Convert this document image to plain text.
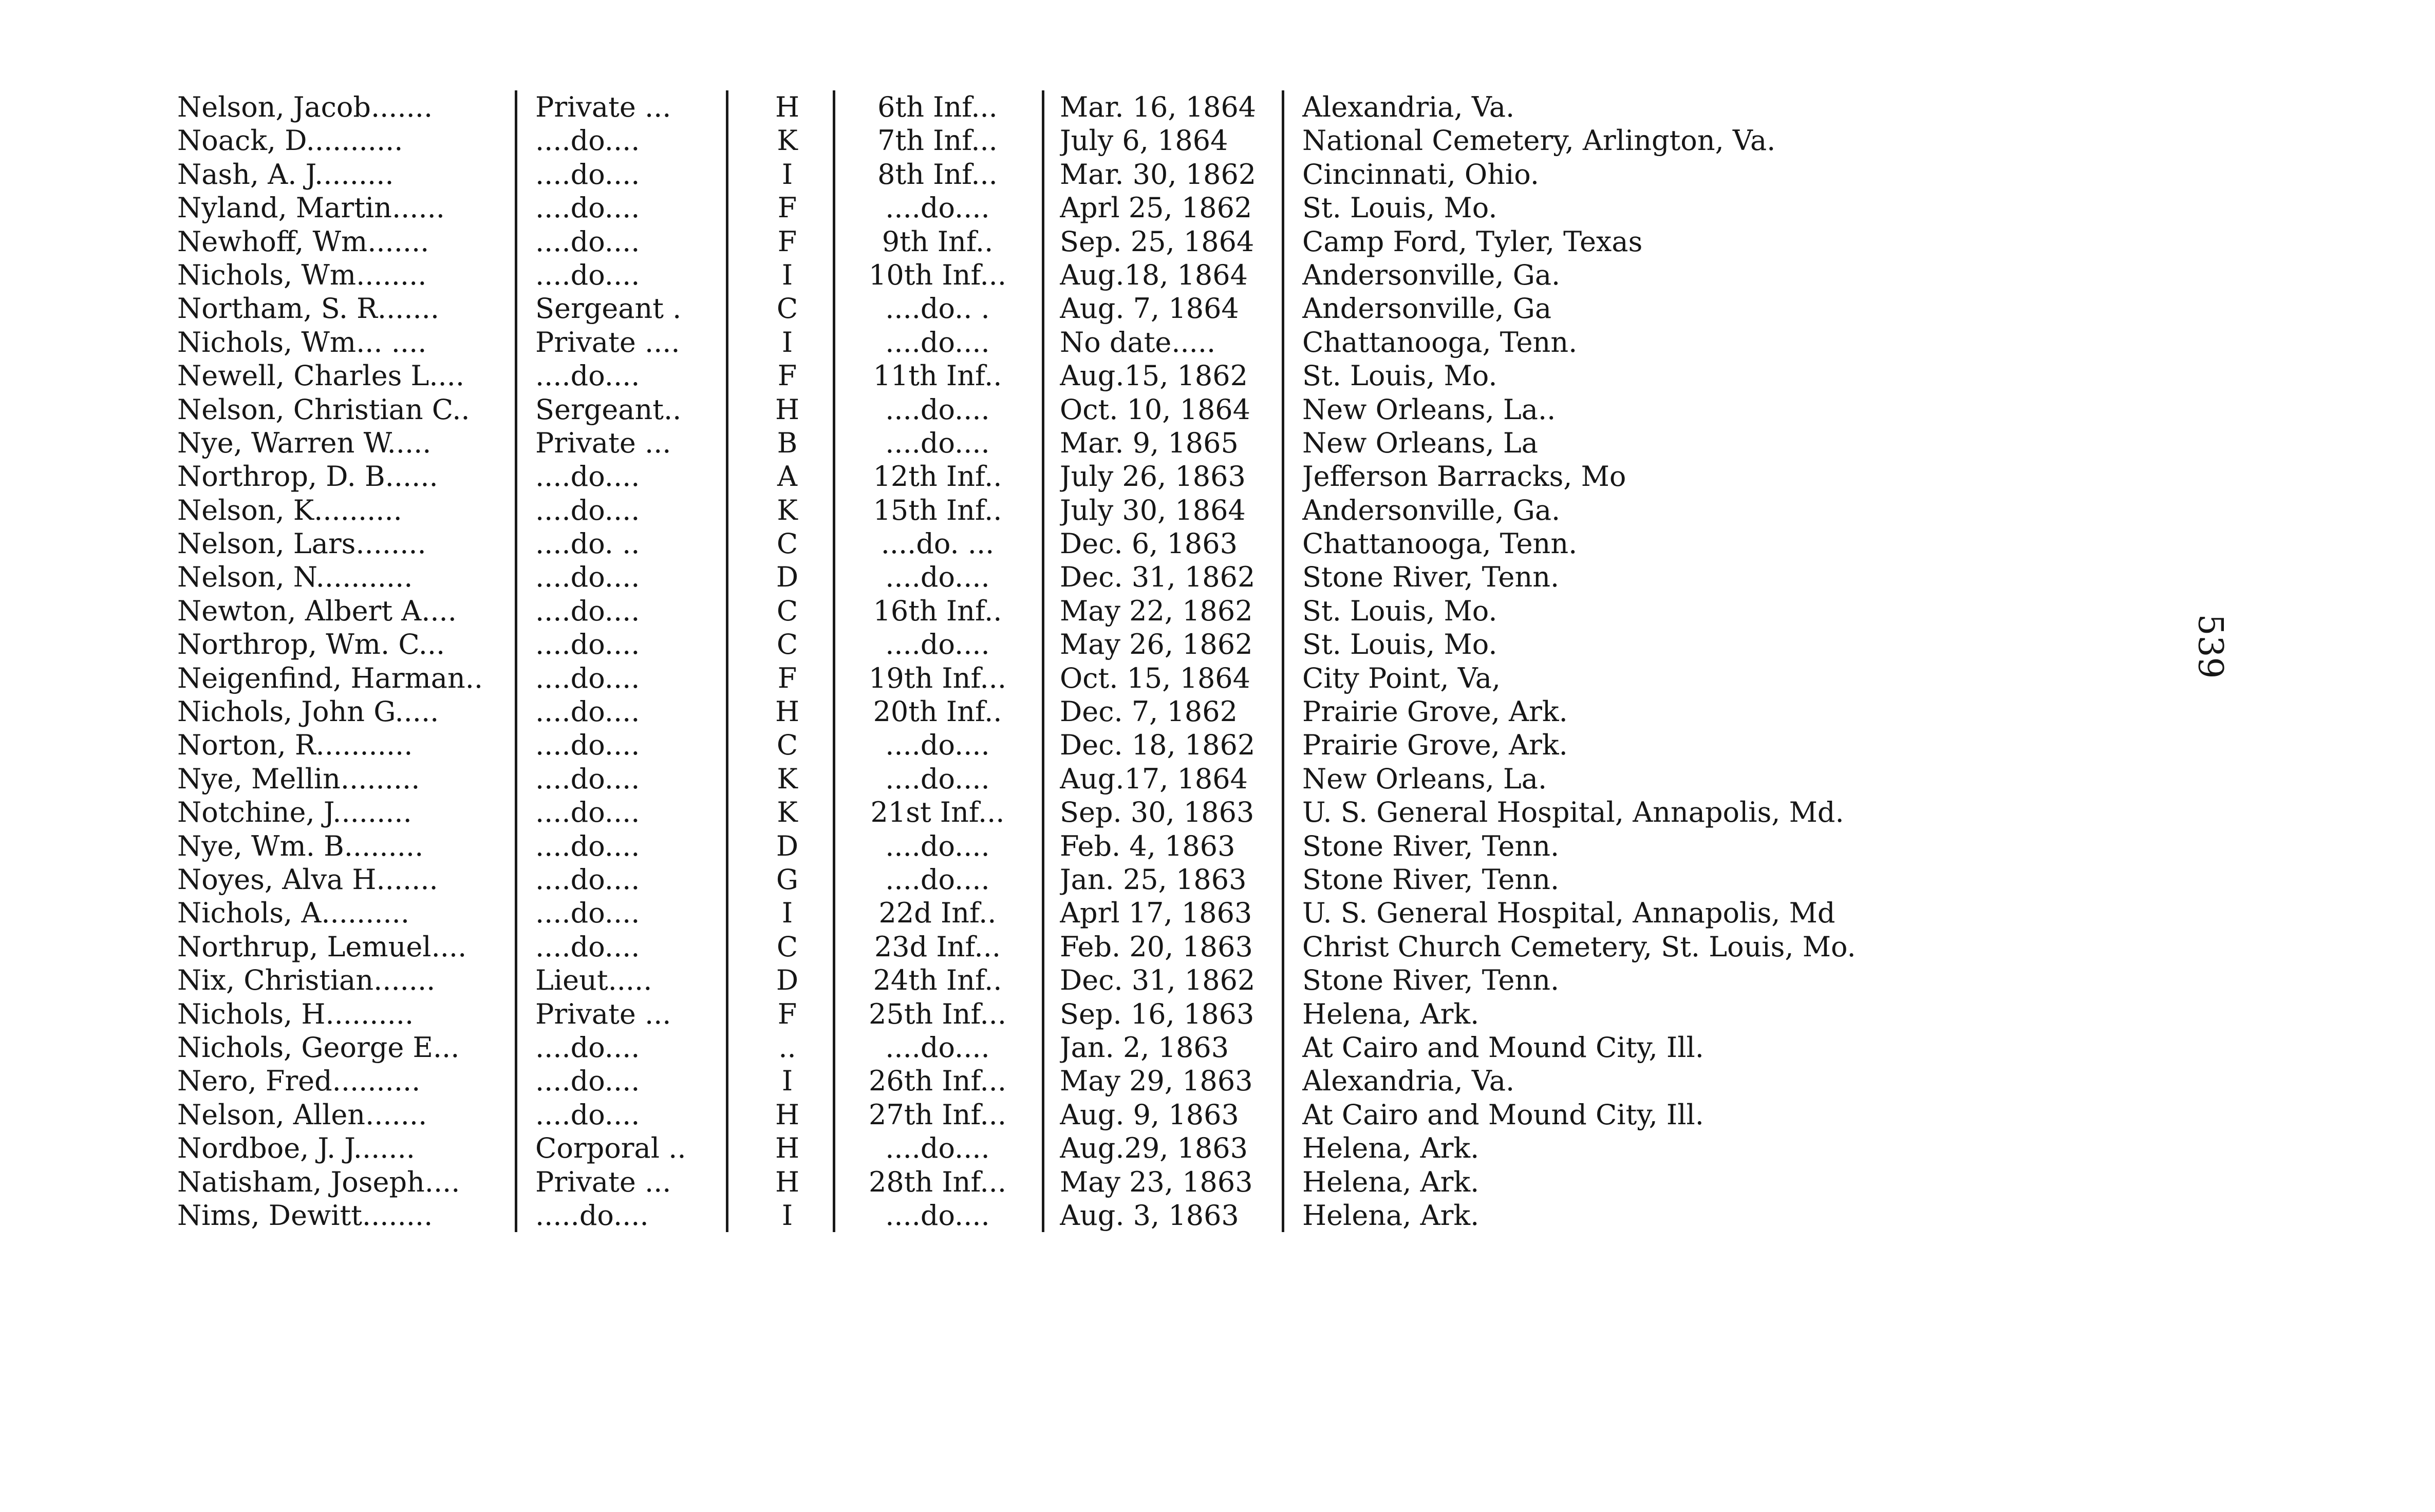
Nelson, Jacob.......	Private ...	H	6th Inf...	Mar. 16, 1864	Alexandria, Va.
Noack, D...........	....do....	K	7th Inf...	July 6, 1864	National Cemetery, Arlington, Va.
Nash, A. J.........	....do....	I	8th Inf...	Mar. 30, 1862	Cincinnati, Ohio.
Nyland, Martin......	....do....	F	....do....	Aprl 25, 1862	St. Louis, Mo.
Newhoff, Wm.......	....do....	F	9th Inf..	Sep. 25, 1864	Camp Ford, Tyler, Texas
Nichols, Wm........	....do....	I	10th Inf...	Aug.18, 1864	Andersonville, Ga.
Northam, S. R.......	Sergeant .	C	....do.. .	Aug. 7, 1864	Andersonville, Ga
Nichols, Wm... ....	Private ....	I	....do....	No date.....	Chattanooga, Tenn.
Newell, Charles L....	....do....	F	11th Inf..	Aug.15, 1862	St. Louis, Mo.
Nelson, Christian C..	Sergeant..	H	....do....	Oct. 10, 1864	New Orleans, La..
Nye, Warren W.....	Private ...	B	....do....	Mar. 9, 1865	New Orleans, La
Northrop, D. B......	....do....	A	12th Inf..	July 26, 1863	Jefferson Barracks, Mo
Nelson, K..........	....do....	K	15th Inf..	July 30, 1864	Andersonville, Ga.
Nelson, Lars........	....do. ..	C	....do. ...	Dec. 6, 1863	Chattanooga, Tenn.
Nelson, N...........	....do....	D	....do....	Dec. 31, 1862	Stone River, Tenn.
Newton, Albert A....	....do....	C	16th Inf..	May 22, 1862	St. Louis, Mo.
Northrop, Wm. C...	....do....	C	....do....	May 26, 1862	St. Louis, Mo.
Neigenfind, Harman..	....do....	F	19th Inf...	Oct. 15, 1864	City Point, Va,
Nichols, John G.....	....do....	H	20th Inf..	Dec. 7, 1862	Prairie Grove, Ark.
Norton, R...........	....do....	C	....do....	Dec. 18, 1862	Prairie Grove, Ark.
Nye, Mellin.........	....do....	K	....do....	Aug.17, 1864	New Orleans, La.
Notchine, J.........	....do....	K	21st Inf...	Sep. 30, 1863	U. S. General Hospital, Annapolis, Md.
Nye, Wm. B.........	....do....	D	....do....	Feb. 4, 1863	Stone River, Tenn.
Noyes, Alva H.......	....do....	G	....do....	Jan. 25, 1863	Stone River, Tenn.
Nichols, A..........	....do....	I	22d Inf..	Aprl 17, 1863	U. S. General Hospital, Annapolis, Md
Northrup, Lemuel....	....do....	C	23d Inf...	Feb. 20, 1863	Christ Church Cemetery, St. Louis, Mo.
Nix, Christian.......	Lieut.....	D	24th Inf..	Dec. 31, 1862	Stone River, Tenn.
Nichols, H..........	Private ...	F	25th Inf...	Sep. 16, 1863	Helena, Ark.
Nichols, George E...	....do....	..	....do....	Jan. 2, 1863	At Cairo and Mound City, Ill.
Nero, Fred..........	....do....	I	26th Inf...	May 29, 1863	Alexandria, Va.
Nelson, Allen.......	....do....	H	27th Inf...	Aug. 9, 1863	At Cairo and Mound City, Ill.
Nordboe, J. J.......	Corporal ..	H	....do....	Aug.29, 1863	Helena, Ark.
Natisham, Joseph....	Private ...	H	28th Inf...	May 23, 1863	Helena, Ark.
Nims, Dewitt........	.....do....	I	....do....	Aug. 3, 1863	Helena, Ark.
539
